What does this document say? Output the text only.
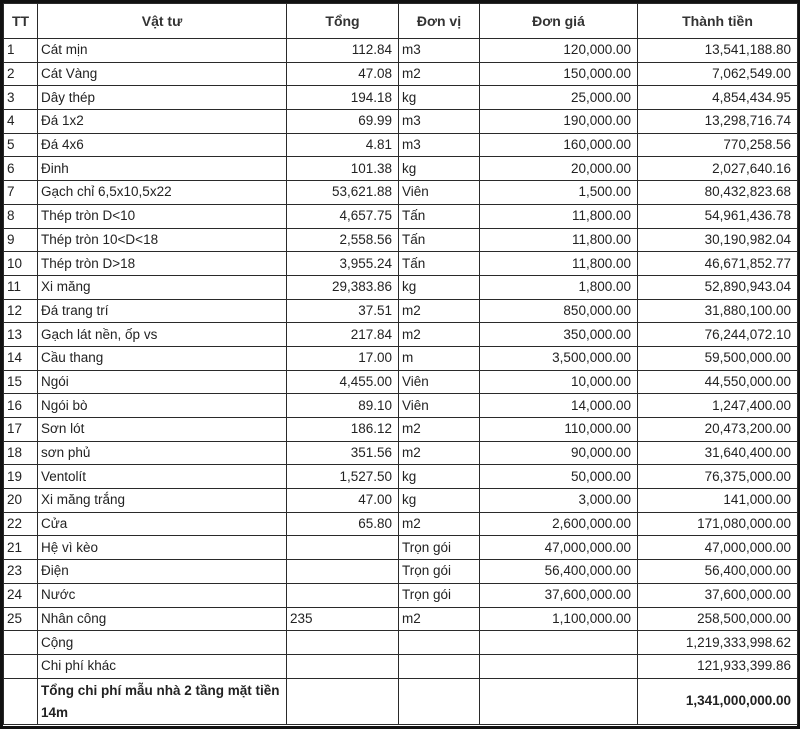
TT	Vật tư	Tổng	Đơn vị	Đơn giá	Thành tiền
1	Cát mịn	112.84	m3	120,000.00	13,541,188.80
2	Cát Vàng	47.08	m2	150,000.00	7,062,549.00
3	Dây thép	194.18	kg	25,000.00	4,854,434.95
4	Đá 1x2	69.99	m3	190,000.00	13,298,716.74
5	Đá 4x6	4.81	m3	160,000.00	770,258.56
6	Đinh	101.38	kg	20,000.00	2,027,640.16
7	Gạch chỉ 6,5x10,5x22	53,621.88	Viên	1,500.00	80,432,823.68
8	Thép tròn D<10	4,657.75	Tấn	11,800.00	54,961,436.78
9	Thép tròn 10<D<18	2,558.56	Tấn	11,800.00	30,190,982.04
10	Thép tròn D>18	3,955.24	Tấn	11,800.00	46,671,852.77
11	Xi măng	29,383.86	kg	1,800.00	52,890,943.04
12	Đá trang trí	37.51	m2	850,000.00	31,880,100.00
13	Gạch lát nền, ốp vs	217.84	m2	350,000.00	76,244,072.10
14	Cầu thang	17.00	m	3,500,000.00	59,500,000.00
15	Ngói	4,455.00	Viên	10,000.00	44,550,000.00
16	Ngói bò	89.10	Viên	14,000.00	1,247,400.00
17	Sơn lót	186.12	m2	110,000.00	20,473,200.00
18	sơn phủ	351.56	m2	90,000.00	31,640,400.00
19	Ventolít	1,527.50	kg	50,000.00	76,375,000.00
20	Xi măng trắng	47.00	kg	3,000.00	141,000.00
22	Cửa	65.80	m2	2,600,000.00	171,080,000.00
21	Hệ vì kèo		Trọn gói	47,000,000.00	47,000,000.00
23	Điện		Trọn gói	56,400,000.00	56,400,000.00
24	Nước		Trọn gói	37,600,000.00	37,600,000.00
25	Nhân công	235	m2	1,100,000.00	258,500,000.00
	Cộng				1,219,333,998.62
	Chi phí khác				121,933,399.86
	Tổng chi phí mẫu nhà 2 tầng mặt tiền 14m				1,341,000,000.00
